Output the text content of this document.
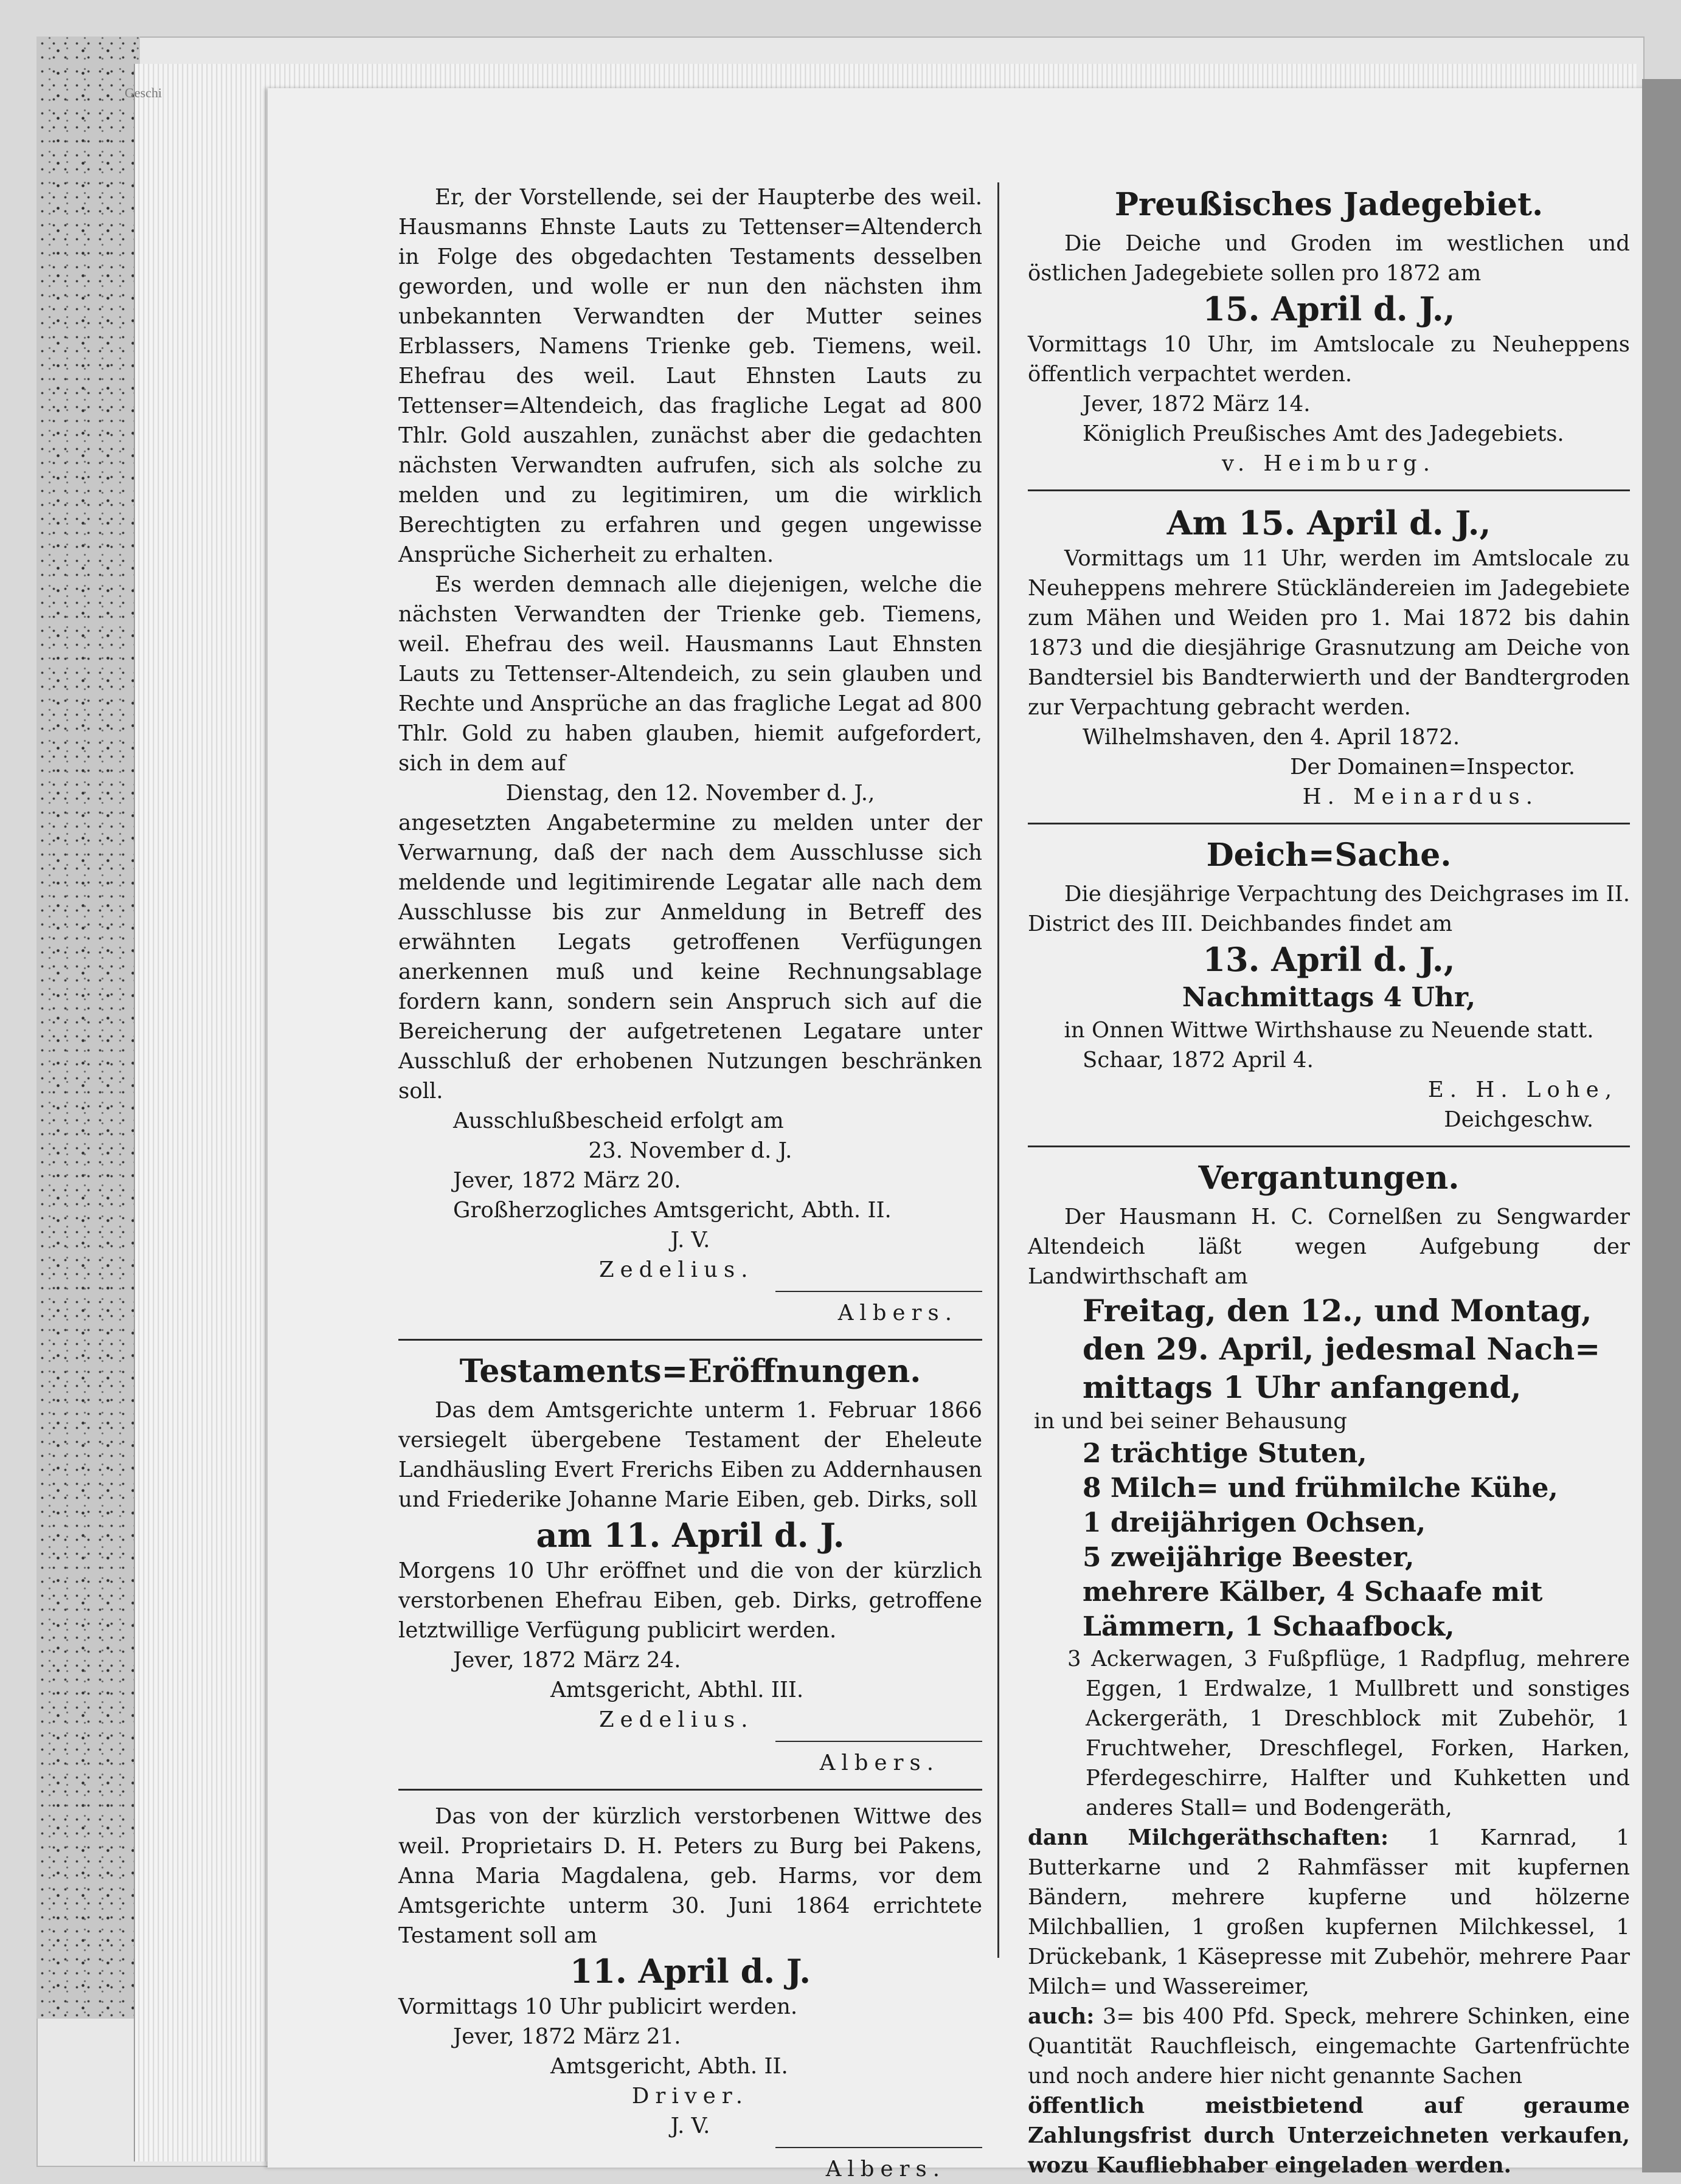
Geschi

Er, der Vorstellende, sei der Haupterbe des weil. Hausmanns Ehnste Lauts zu Tettenser=Altenderch in Folge des obgedachten Testaments desselben geworden, und wolle er nun den nächsten ihm unbekannten Verwandten der Mutter seines Erblassers, Namens Trienke geb. Tiemens, weil. Ehefrau des weil. Laut Ehnsten Lauts zu Tettenser=Altendeich, das fragliche Legat ad 800 Thlr. Gold auszahlen, zunächst aber die gedachten nächsten Verwandten aufrufen, sich als solche zu melden und zu legitimiren, um die wirklich Berechtigten zu erfahren und gegen ungewisse Ansprüche Sicherheit zu erhalten.

Es werden demnach alle diejenigen, welche die nächsten Verwandten der Trienke geb. Tiemens, weil. Ehefrau des weil. Hausmanns Laut Ehnsten Lauts zu Tettenser-Altendeich, zu sein glauben und Rechte und Ansprüche an das fragliche Legat ad 800 Thlr. Gold zu haben glauben, hiemit aufgefordert, sich in dem auf

Dienstag, den 12. November d. J.,

angesetzten Angabetermine zu melden unter der Verwarnung, daß der nach dem Ausschlusse sich meldende und legitimirende Legatar alle nach dem Ausschlusse bis zur Anmeldung in Betreff des erwähnten Legats getroffenen Verfügungen anerkennen muß und keine Rechnungsablage fordern kann, sondern sein Anspruch sich auf die Bereicherung der aufgetretenen Legatare unter Ausschluß der erhobenen Nutzungen beschränken soll.

Ausschlußbescheid erfolgt am

23. November d. J.

Jever, 1872 März 20.

Großherzogliches Amtsgericht, Abth. II.

J. V.

Zedelius.

Albers.

Testaments=Eröffnungen.

Das dem Amtsgerichte unterm 1. Februar 1866 versiegelt übergebene Testament der Eheleute Landhäusling Evert Frerichs Eiben zu Addernhausen und Friederike Johanne Marie Eiben, geb. Dirks, soll

am 11. April d. J.

Morgens 10 Uhr eröffnet und die von der kürzlich verstorbenen Ehefrau Eiben, geb. Dirks, getroffene letztwillige Verfügung publicirt werden.

Jever, 1872 März 24.

Amtsgericht, Abthl. III.

Zedelius.

Albers.

Das von der kürzlich verstorbenen Wittwe des weil. Proprietairs D. H. Peters zu Burg bei Pakens, Anna Maria Magdalena, geb. Harms, vor dem Amtsgerichte unterm 30. Juni 1864 errichtete Testament soll am

11. April d. J.

Vormittags 10 Uhr publicirt werden.

Jever, 1872 März 21.

Amtsgericht, Abth. II.

Driver.

J. V.

Albers.

Preußisches Jadegebiet.

Die Deiche und Groden im westlichen und östlichen Jadegebiete sollen pro 1872 am

15. April d. J.,

Vormittags 10 Uhr, im Amtslocale zu Neuheppens öffentlich verpachtet werden.

Jever, 1872 März 14.

Königlich Preußisches Amt des Jadegebiets.

v. Heimburg.

Am 15. April d. J.,

Vormittags um 11 Uhr, werden im Amtslocale zu Neuheppens mehrere Stückländereien im Jadegebiete zum Mähen und Weiden pro 1. Mai 1872 bis dahin 1873 und die diesjährige Grasnutzung am Deiche von Bandtersiel bis Bandterwierth und der Bandtergroden zur Verpachtung gebracht werden.

Wilhelmshaven, den 4. April 1872.

Der Domainen=Inspector.

H. Meinardus.

Deich=Sache.

Die diesjährige Verpachtung des Deichgrases im II. District des III. Deichbandes findet am

13. April d. J.,

Nachmittags 4 Uhr,

in Onnen Wittwe Wirthshause zu Neuende statt.

Schaar, 1872 April 4.

E. H. Lohe,

Deichgeschw.

Vergantungen.

Der Hausmann H. C. Cornelßen zu Sengwarder Altendeich läßt wegen Aufgebung der Landwirthschaft am

Freitag, den 12., und Montag,

den 29. April, jedesmal Nach=

mittags 1 Uhr anfangend,

in und bei seiner Behausung

2 trächtige Stuten,

8 Milch= und frühmilche Kühe,

1 dreijährigen Ochsen,

5 zweijährige Beester,

mehrere Kälber, 4 Schaafe mit

Lämmern, 1 Schaafbock,

3 Ackerwagen, 3 Fußpflüge, 1 Radpflug, mehrere Eggen, 1 Erdwalze, 1 Mullbrett und sonstiges Ackergeräth, 1 Dreschblock mit Zubehör, 1 Fruchtweher, Dreschflegel, Forken, Harken, Pferdegeschirre, Halfter und Kuhketten und anderes Stall= und Bodengeräth,

dann Milchgeräthschaften: 1 Karnrad, 1 Butterkarne und 2 Rahmfässer mit kupfernen Bändern, mehrere kupferne und hölzerne Milchballien, 1 großen kupfernen Milchkessel, 1 Drückebank, 1 Käsepresse mit Zubehör, mehrere Paar Milch= und Wassereimer,

auch: 3= bis 400 Pfd. Speck, mehrere Schinken, eine Quantität Rauchfleisch, eingemachte Gartenfrüchte und noch andere hier nicht genannte Sachen

öffentlich meistbietend auf geraume Zahlungsfrist durch Unterzeichneten verkaufen, wozu Kaufliebhaber eingeladen werden.
